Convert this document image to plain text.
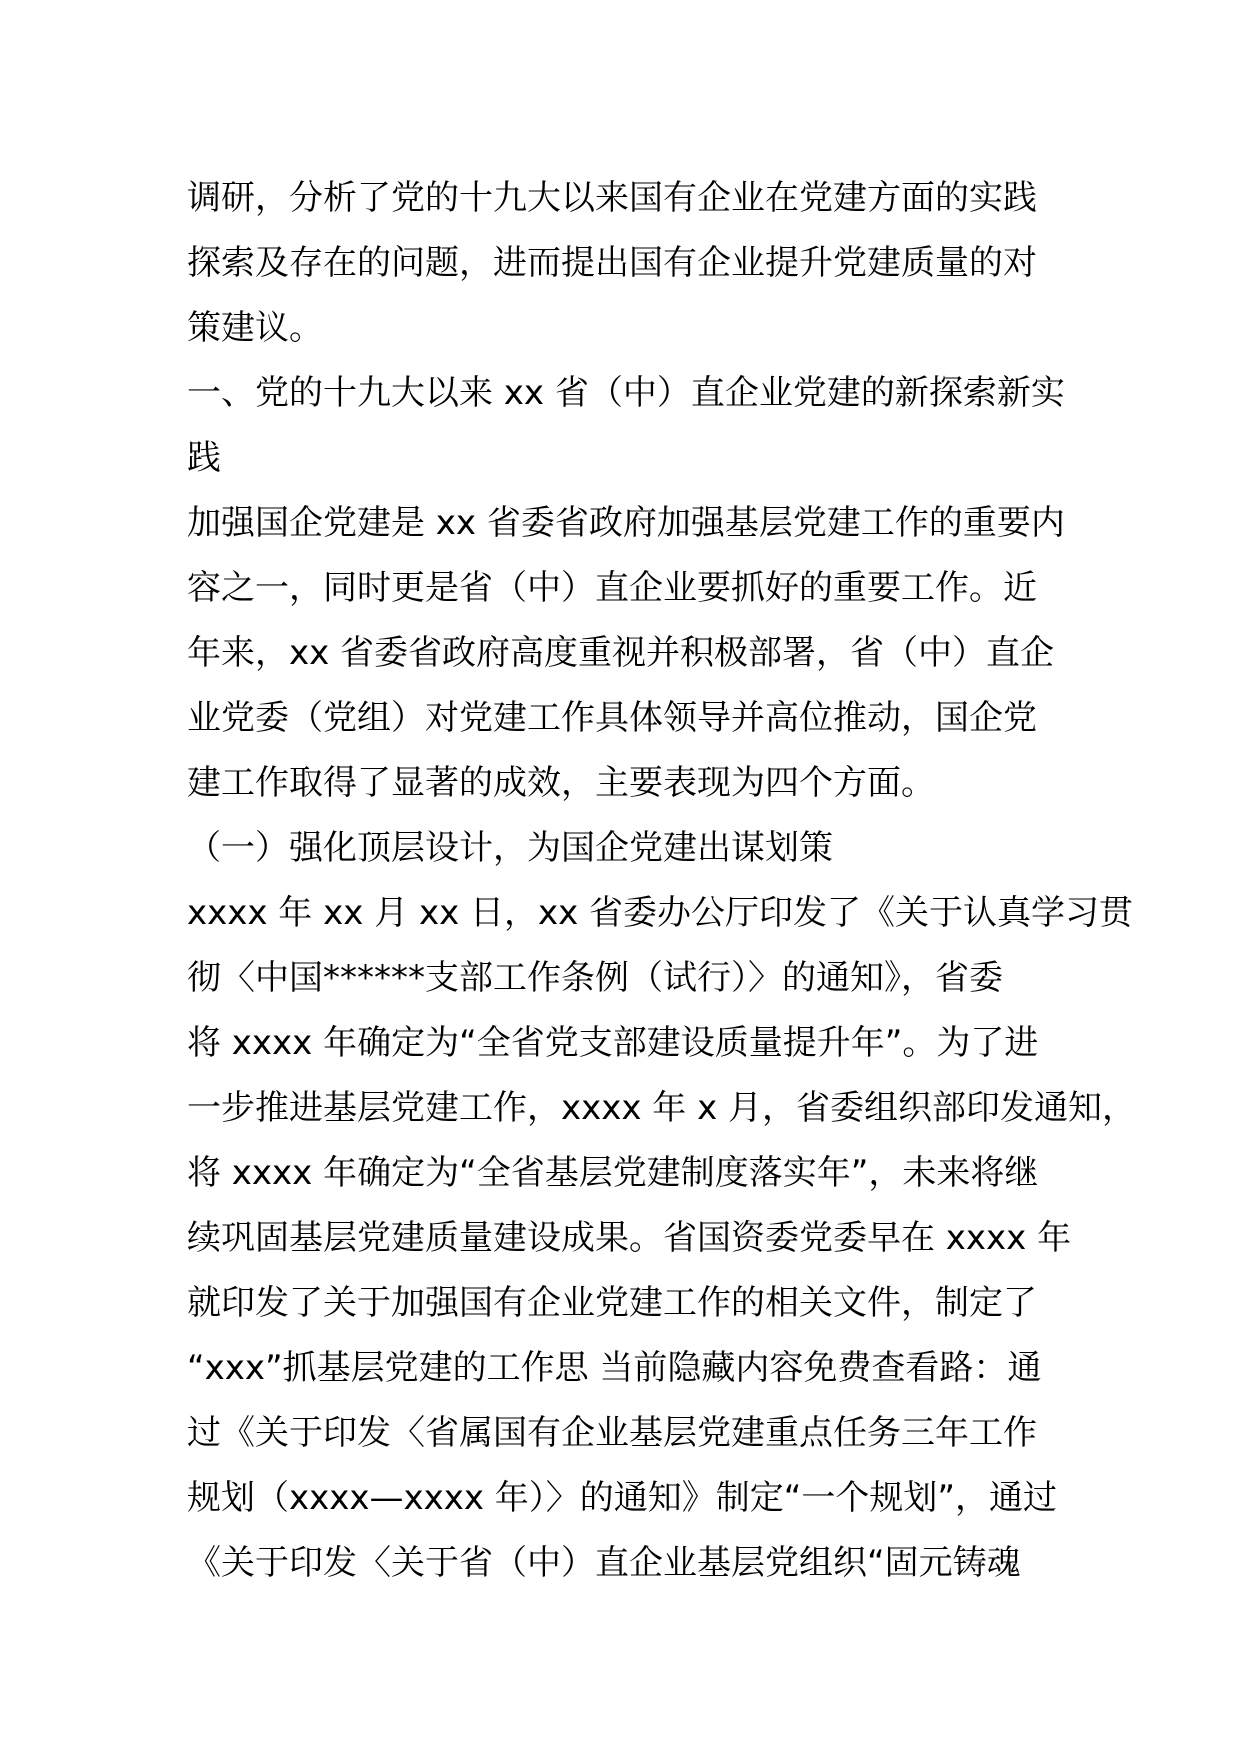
调研，分析了党的十九大以来国有企业在党建方面的实践
探索及存在的问题，进而提出国有企业提升党建质量的对
策建议。
一、党的十九大以来 xx 省（中）直企业党建的新探索新实
践
加强国企党建是 xx 省委省政府加强基层党建工作的重要内
容之一，同时更是省（中）直企业要抓好的重要工作。近
年来，xx 省委省政府高度重视并积极部署，省（中）直企
业党委（党组）对党建工作具体领导并高位推动，国企党
建工作取得了显著的成效，主要表现为四个方面。
（一）强化顶层设计，为国企党建出谋划策
xxxx 年 xx 月 xx 日，xx 省委办公厅印发了《关于认真学习贯
彻〈中国******支部工作条例（试行）〉的通知》，省委
将 xxxx 年确定为“全省党支部建设质量提升年”。为了进
一步推进基层党建工作，xxxx 年 x 月，省委组织部印发通知，
将 xxxx 年确定为“全省基层党建制度落实年”，未来将继
续巩固基层党建质量建设成果。省国资委党委早在 xxxx 年
就印发了关于加强国有企业党建工作的相关文件，制定了
“xxx”抓基层党建的工作思 当前隐藏内容免费查看路：通
过《关于印发〈省属国有企业基层党建重点任务三年工作
规划（xxxx—xxxx 年）〉的通知》制定“一个规划”，通过
《关于印发〈关于省（中）直企业基层党组织“固元铸魂
